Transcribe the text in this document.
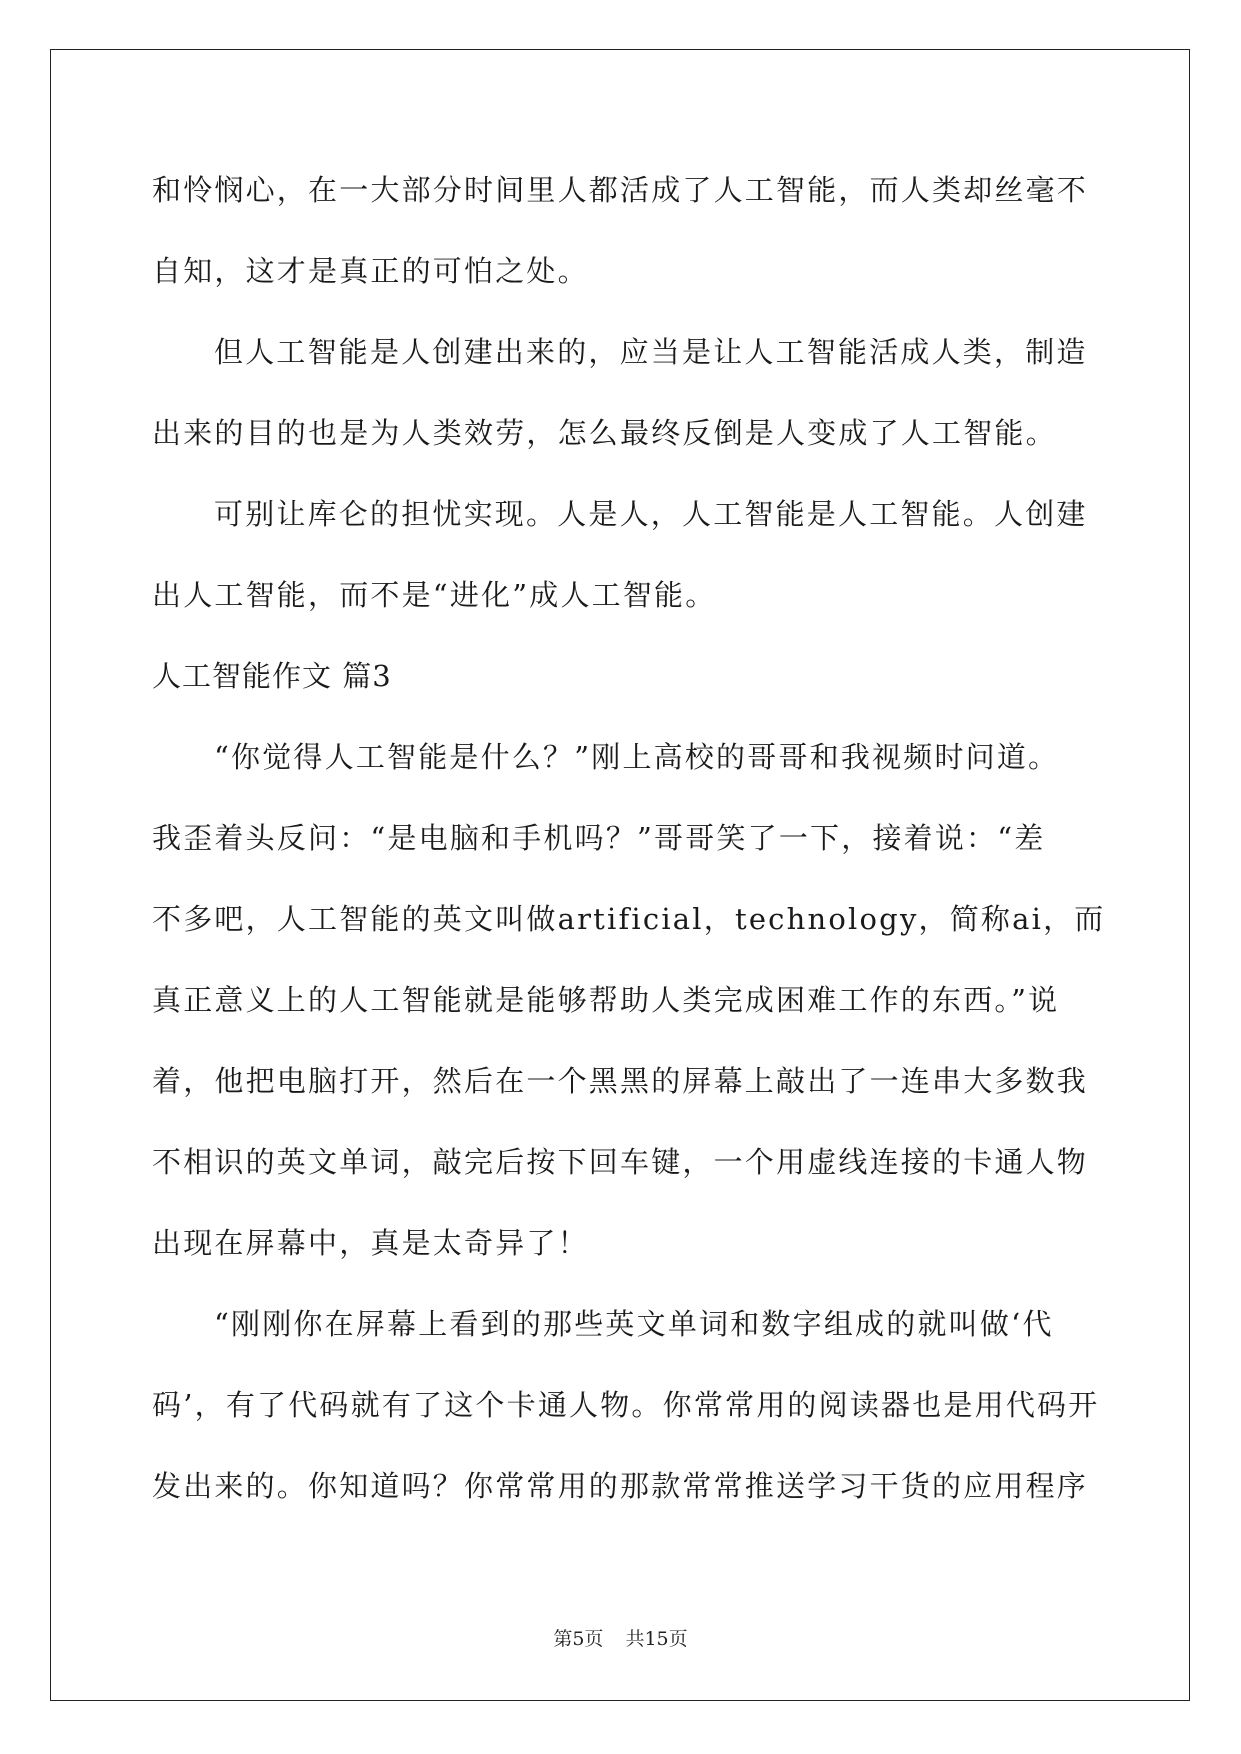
和怜悯心，在一大部分时间里人都活成了人工智能，而人类却丝毫不
自知，这才是真正的可怕之处。
但人工智能是人创建出来的，应当是让人工智能活成人类，制造
出来的目的也是为人类效劳，怎么最终反倒是人变成了人工智能。
可别让库仑的担忧实现。人是人，人工智能是人工智能。人创建
出人工智能，而不是“进化”成人工智能。
人工智能作文 篇3
“你觉得人工智能是什么？”刚上高校的哥哥和我视频时问道。
我歪着头反问：“是电脑和手机吗？”哥哥笑了一下，接着说：“差
不多吧，人工智能的英文叫做artificial，technology，简称ai，而
真正意义上的人工智能就是能够帮助人类完成困难工作的东西。”说
着，他把电脑打开，然后在一个黑黑的屏幕上敲出了一连串大多数我
不相识的英文单词，敲完后按下回车键，一个用虚线连接的卡通人物
出现在屏幕中，真是太奇异了！
“刚刚你在屏幕上看到的那些英文单词和数字组成的就叫做‘代
码’，有了代码就有了这个卡通人物。你常常用的阅读器也是用代码开
发出来的。你知道吗？你常常用的那款常常推送学习干货的应用程序
第5页 共15页
